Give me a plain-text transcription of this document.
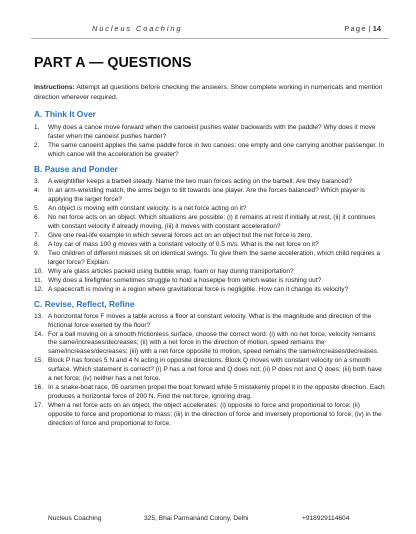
Nucleus Coaching	Page | 14
PART A — QUESTIONS

Instructions: Attempt all questions before checking the answers. Show complete working in numericals and mention direction wherever required.

A. Think It Over
1. Why does a canoe move forward when the canoeist pushes water backwards with the paddle? Why does it move faster when the canoeist pushes harder?
2. The same canoeist applies the same paddle force in two canoes: one empty and one carrying another passenger. In which canoe will the acceleration be greater?
B. Pause and Ponder
3. A weightlifter keeps a barbell steady. Name the two main forces acting on the barbell. Are they balanced?
4. In an arm-wrestling match, the arms begin to tilt towards one player. Are the forces balanced? Which player is applying the larger force?
5. An object is moving with constant velocity. Is a net force acting on it?
6. No net force acts on an object. Which situations are possible: (i) it remains at rest if initially at rest, (ii) it continues with constant velocity if already moving, (iii) it moves with constant acceleration?
7. Give one real-life example in which several forces act on an object but the net force is zero.
8. A toy car of mass 100 g moves with a constant velocity of 0.5 m/s. What is the net force on it?
9. Two children of different masses sit on identical swings. To give them the same acceleration, which child requires a larger force? Explain.
10. Why are glass articles packed using bubble wrap, foam or hay during transportation?
11. Why does a firefighter sometimes struggle to hold a hosepipe from which water is rushing out?
12. A spacecraft is moving in a region where gravitational force is negligible. How can it change its velocity?
C. Revise, Reflect, Refine
13. A horizontal force F moves a table across a floor at constant velocity. What is the magnitude and direction of the frictional force exerted by the floor?
14. For a ball moving on a smooth frictionless surface, choose the correct word: (i) with no net force, velocity remains the same/increases/decreases; (ii) with a net force in the direction of motion, speed remains the same/increases/decreases; (iii) with a net force opposite to motion, speed remains the same/increases/decreases.
15. Block P has forces 5 N and 4 N acting in opposite directions. Block Q moves with constant velocity on a smooth surface. Which statement is correct? (i) P has a net force and Q does not; (ii) P does not and Q does; (iii) both have a net force; (iv) neither has a net force.
16. In a snake-boat race, 95 oarsmen propel the boat forward while 5 mistakenly propel it in the opposite direction. Each produces a horizontal force of 200 N. Find the net force, ignoring drag.
17. When a net force acts on an object, the object accelerates: (i) opposite to force and proportional to force; (ii) opposite to force and proportional to mass; (iii) in the direction of force and inversely proportional to force; (iv) in the direction of force and proportional to force.
Nucleus Coaching	325, Bhai Parmanand Colony, Delhi	+918929114604
